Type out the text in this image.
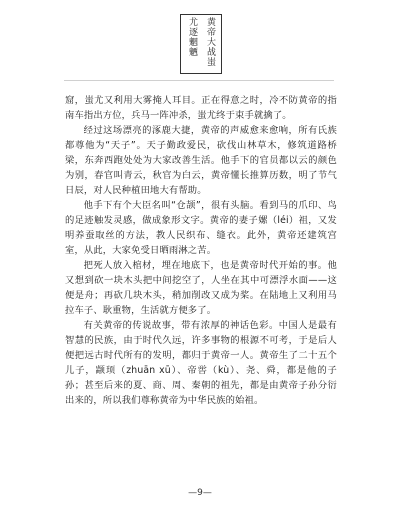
黄帝大战蚩
尤逐魍魉

窟，蚩尤又利用大雾掩人耳目。正在得意之时，冷不防黄帝的指南车指出方位，兵马一阵冲杀，蚩尤终于束手就擒了。

经过这场漂亮的涿鹿大捷，黄帝的声威愈来愈响，所有氏族都尊他为“天子”。天子勤政爱民，砍伐山林草木，修筑道路桥梁，东奔西跑处处为大家改善生活。他手下的官员都以云的颜色为别，春官叫青云，秋官为白云，黄帝懂长推算历数，明了节气日辰，对人民种植田地大有帮助。

他手下有个大臣名叫“仓颉”，很有头脑。看到马的爪印、鸟的足迹触发灵感，做成象形文字。黄帝的妻子嫘（léi）祖，又发明养蚕取丝的方法，教人民织布、缝衣。此外，黄帝还建筑宫室，从此，大家免受日晒雨淋之苦。

把死人放入棺材，埋在地底下，也是黄帝时代开始的事。他又想到砍一块木头把中间挖空了，人坐在其中可漂浮水面——这便是舟；再砍几块木头，稍加削改又成为桨。在陆地上又利用马拉车子、耿重物，生活就方便多了。

有关黄帝的传说故事，带有浓厚的神话色彩。中国人是最有智慧的民族，由于时代久远，许多事物的根源不可考，于是后人便把远古时代所有的发明，都归于黄帝一人。黄帝生了二十五个儿子，颛顼（zhuān xū）、帝喾（kù）、尧、舜，都是他的子孙；甚至后来的夏、商、周、秦朝的祖先，都是由黄帝子孙分衍出来的，所以我们尊称黄帝为中华民族的始祖。

—9—
